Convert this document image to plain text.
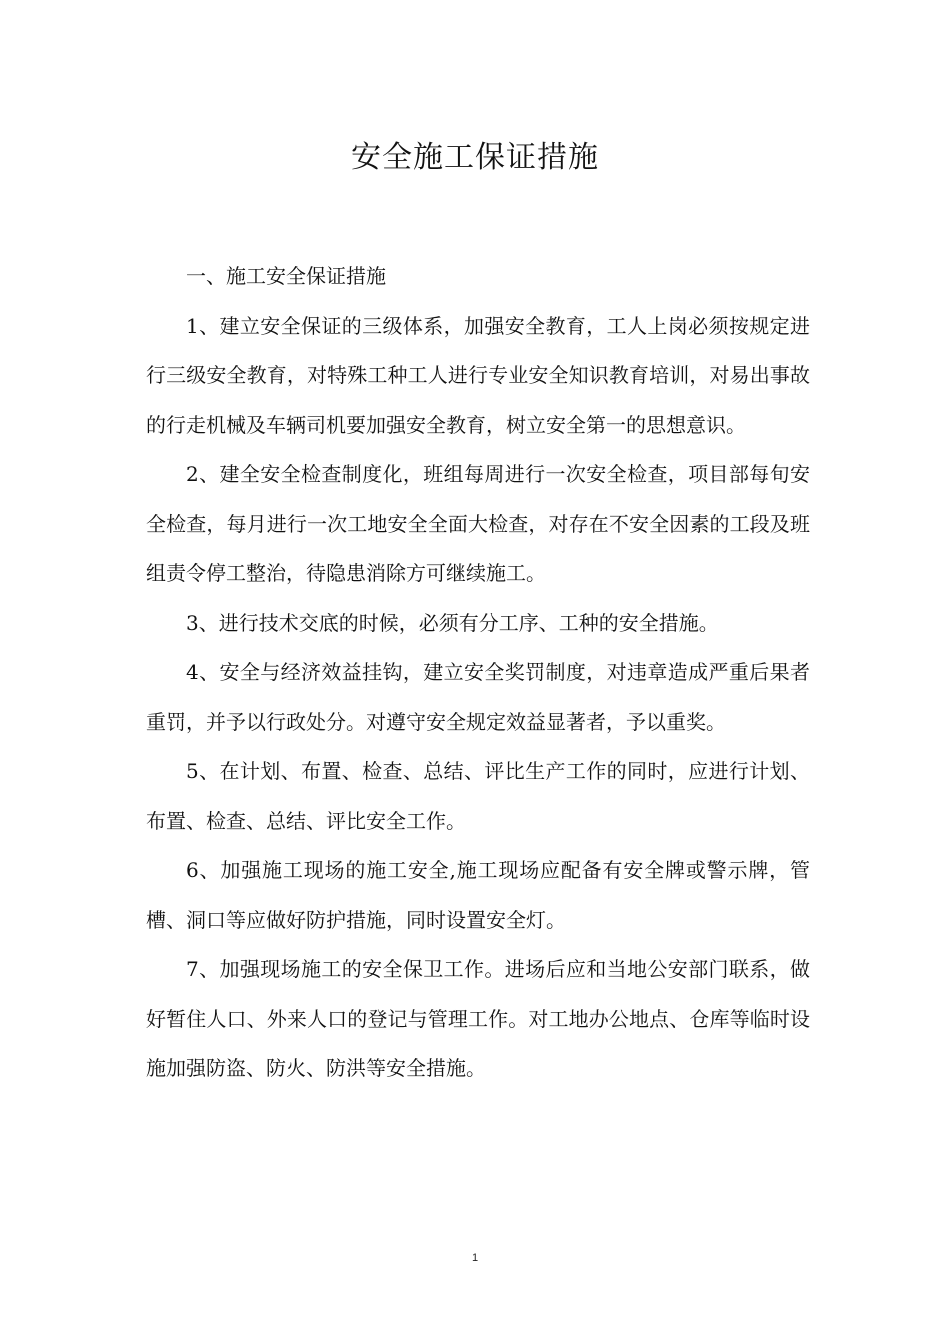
安全施工保证措施

一、施工安全保证措施

1、建立安全保证的三级体系，加强安全教育，工人上岗必须按规定进行三级安全教育，对特殊工种工人进行专业安全知识教育培训，对易出事故的行走机械及车辆司机要加强安全教育，树立安全第一的思想意识。

2、建全安全检查制度化，班组每周进行一次安全检查，项目部每旬安全检查，每月进行一次工地安全全面大检查，对存在不安全因素的工段及班组责令停工整治，待隐患消除方可继续施工。

3、进行技术交底的时候，必须有分工序、工种的安全措施。

4、安全与经济效益挂钩，建立安全奖罚制度，对违章造成严重后果者重罚，并予以行政处分。对遵守安全规定效益显著者，予以重奖。

5、在计划、布置、检查、总结、评比生产工作的同时，应进行计划、布置、检查、总结、评比安全工作。

6、加强施工现场的施工安全,施工现场应配备有安全牌或警示牌，管槽、洞口等应做好防护措施，同时设置安全灯。

7、加强现场施工的安全保卫工作。进场后应和当地公安部门联系，做好暂住人口、外来人口的登记与管理工作。对工地办公地点、仓库等临时设施加强防盗、防火、防洪等安全措施。

1
